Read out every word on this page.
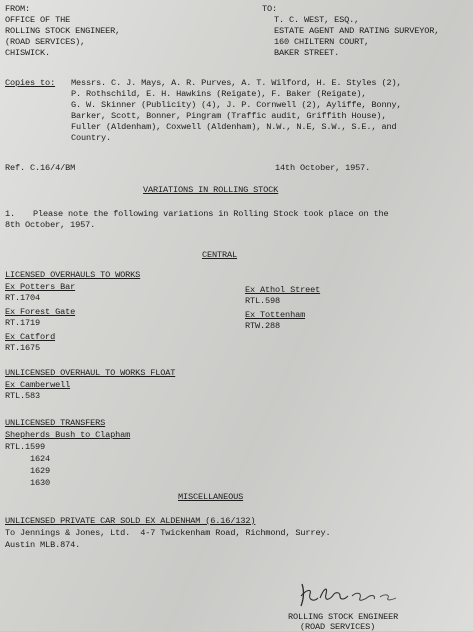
FROM:
OFFICE OF THE
ROLLING STOCK ENGINEER,
(ROAD SERVICES),
CHISWICK.
TO:
T. C. WEST, ESQ.,
ESTATE AGENT AND RATING SURVEYOR,
160 CHILTERN COURT,
BAKER STREET.
Copies to: Messrs. C. J. Mays, A. R. Purves, A. T. Wilford, H. E. Styles (2),
P. Rothschild, E. H. Hawkins (Reigate), F. Baker (Reigate),
G. W. Skinner (Publicity) (4), J. P. Cornwell (2), Ayliffe, Bonny,
Barker, Scott, Bonner, Pingram (Traffic audit, Griffith House),
Fuller (Aldenham), Coxwell (Aldenham), N.W., N.E, S.W., S.E., and
Country.
Ref. C.16/4/BM	14th October, 1957.
VARIATIONS IN ROLLING STOCK
1. Please note the following variations in Rolling Stock took place on the
8th October, 1957.
CENTRAL
LICENSED OVERHAULS TO WORKS
Ex Potters Bar
RT.1704
Ex Forest Gate
RT.1719
Ex Catford
RT.1675
Ex Athol Street
RTL.598
Ex Tottenham
RTW.288
UNLICENSED OVERHAUL TO WORKS FLOAT
Ex Camberwell
RTL.583
UNLICENSED TRANSFERS
Shepherds Bush to Clapham
RTL.1599
1624
1629
1630
MISCELLANEOUS
UNLICENSED PRIVATE CAR SOLD EX ALDENHAM (6.16/132)
To Jennings & Jones, Ltd.  4-7 Twickenham Road, Richmond, Surrey.
Austin MLB.874.
ROLLING STOCK ENGINEER
(ROAD SERVICES)
